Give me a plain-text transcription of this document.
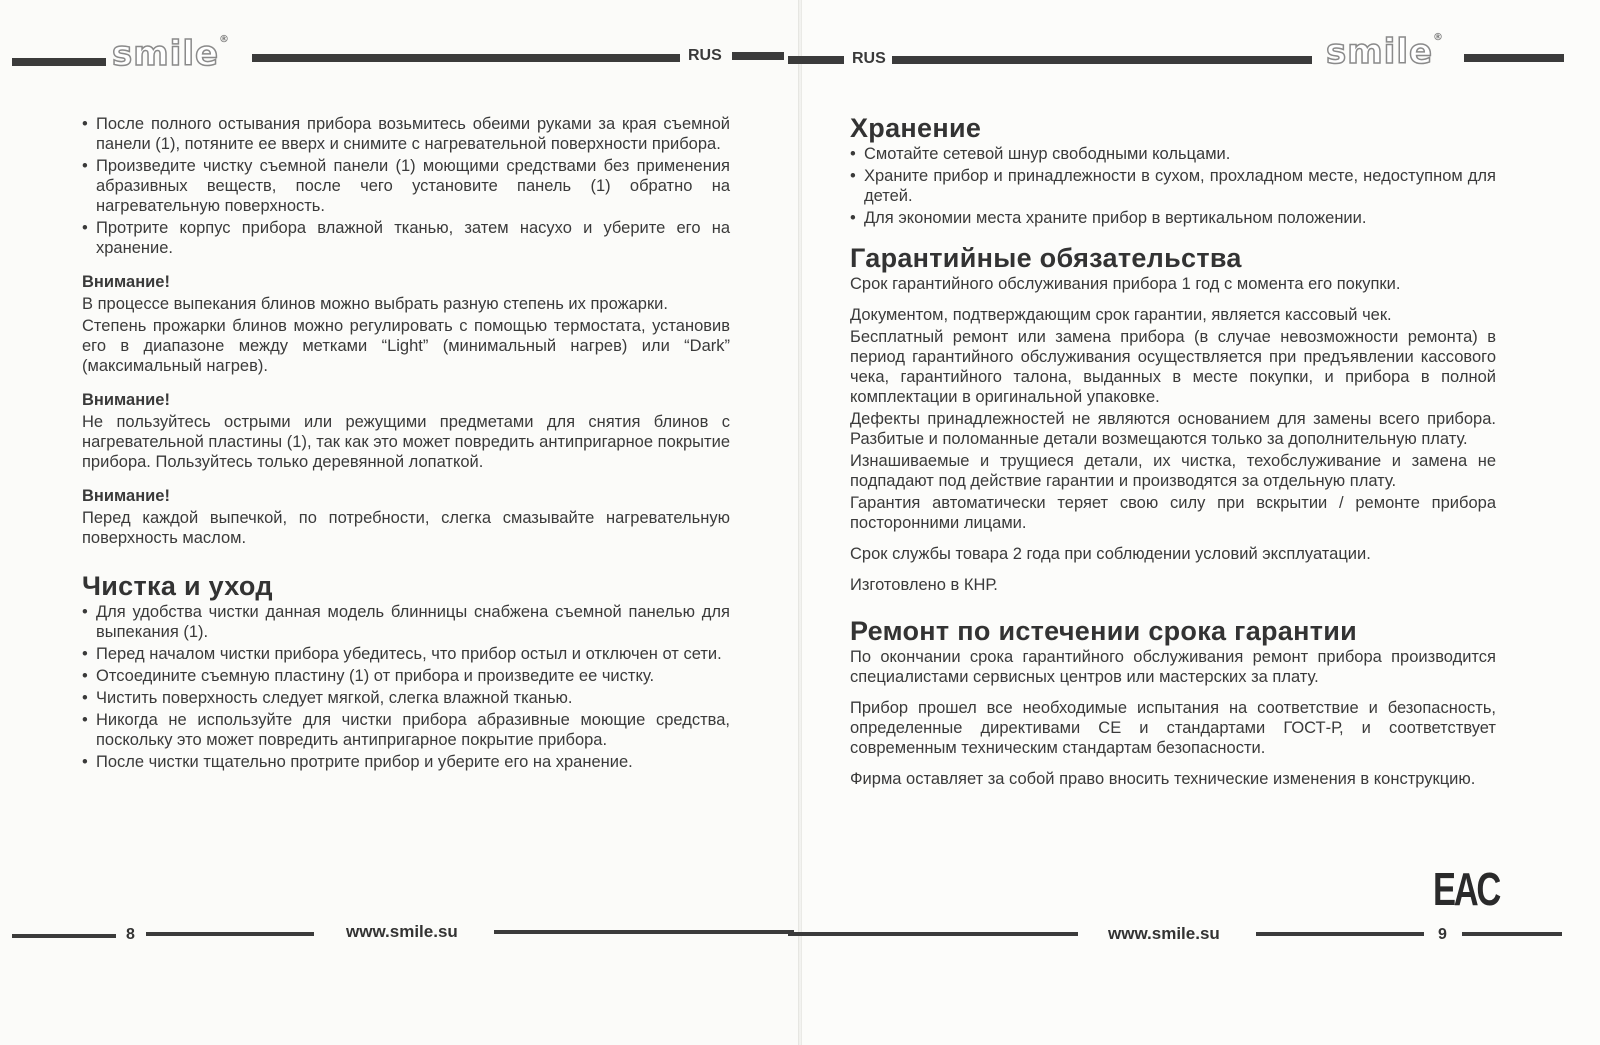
smile®
RUS	RUS	smile®
• После полного остывания прибора возьмитесь обеими руками за края съемной панели (1), потяните ее вверх и снимите с нагревательной поверхности прибора.
• Произведите чистку съемной панели (1) моющими средствами без применения абразивных веществ, после чего установите панель (1) обратно на нагревательную поверхность.
• Протрите корпус прибора влажной тканью, затем насухо и уберите его на хранение.
Внимание!

В процессе выпекания блинов можно выбрать разную степень их прожарки.

Степень прожарки блинов можно регулировать с помощью термостата, установив его в диапазоне между метками “Light” (минимальный нагрев) или “Dark” (максимальный нагрев).

Внимание!

Не пользуйтесь острыми или режущими предметами для снятия блинов с нагревательной пластины (1), так как это может повредить антипригарное покрытие прибора. Пользуйтесь только деревянной лопаткой.

Внимание!

Перед каждой выпечкой, по потребности, слегка смазывайте нагревательную поверхность маслом.

Чистка и уход
• Для удобства чистки данная модель блинницы снабжена съемной панелью для выпекания (1).
• Перед началом чистки прибора убедитесь, что прибор остыл и отключен от сети.
• Отсоедините съемную пластину (1) от прибора и произведите ее чистку.
• Чистить поверхность следует мягкой, слегка влажной тканью.
• Никогда не используйте для чистки прибора абразивные моющие средства, поскольку это может повредить антипригарное покрытие прибора.
• После чистки тщательно протрите прибор и уберите его на хранение.
Хранение
• Смотайте сетевой шнур свободными кольцами.
• Храните прибор и принадлежности в сухом, прохладном месте, недоступном для детей.
• Для экономии места храните прибор в вертикальном положении.
Гарантийные обязательства

Срок гарантийного обслуживания прибора 1 год с момента его покупки.

Документом, подтверждающим срок гарантии, является кассовый чек.

Бесплатный ремонт или замена прибора (в случае невозможности ремонта) в период гарантийного обслуживания осуществляется при предъявлении кассового чека, гарантийного талона, выданных в месте покупки, и прибора в полной комплектации в оригинальной упаковке.

Дефекты принадлежностей не являются основанием для замены всего прибора. Разбитые и поломанные детали возмещаются только за дополнительную плату.

Изнашиваемые и трущиеся детали, их чистка, техобслуживание и замена не подпадают под действие гарантии и производятся за отдельную плату.

Гарантия автоматически теряет свою силу при вскрытии / ремонте прибора посторонними лицами.

Срок службы товара 2 года при соблюдении условий эксплуатации.

Изготовлено в КНР.

Ремонт по истечении срока гарантии

По окончании срока гарантийного обслуживания ремонт прибора производится специалистами сервисных центров или мастерских за плату.

Прибор прошел все необходимые испытания на соответствие и безопасность, определенные директивами CE и стандартами ГОСТ-Р, и соответствует современным техническим стандартам безопасности.

Фирма оставляет за собой право вносить технические изменения в конструкцию.

EAC
8	www.smile.su	www.smile.su	9
